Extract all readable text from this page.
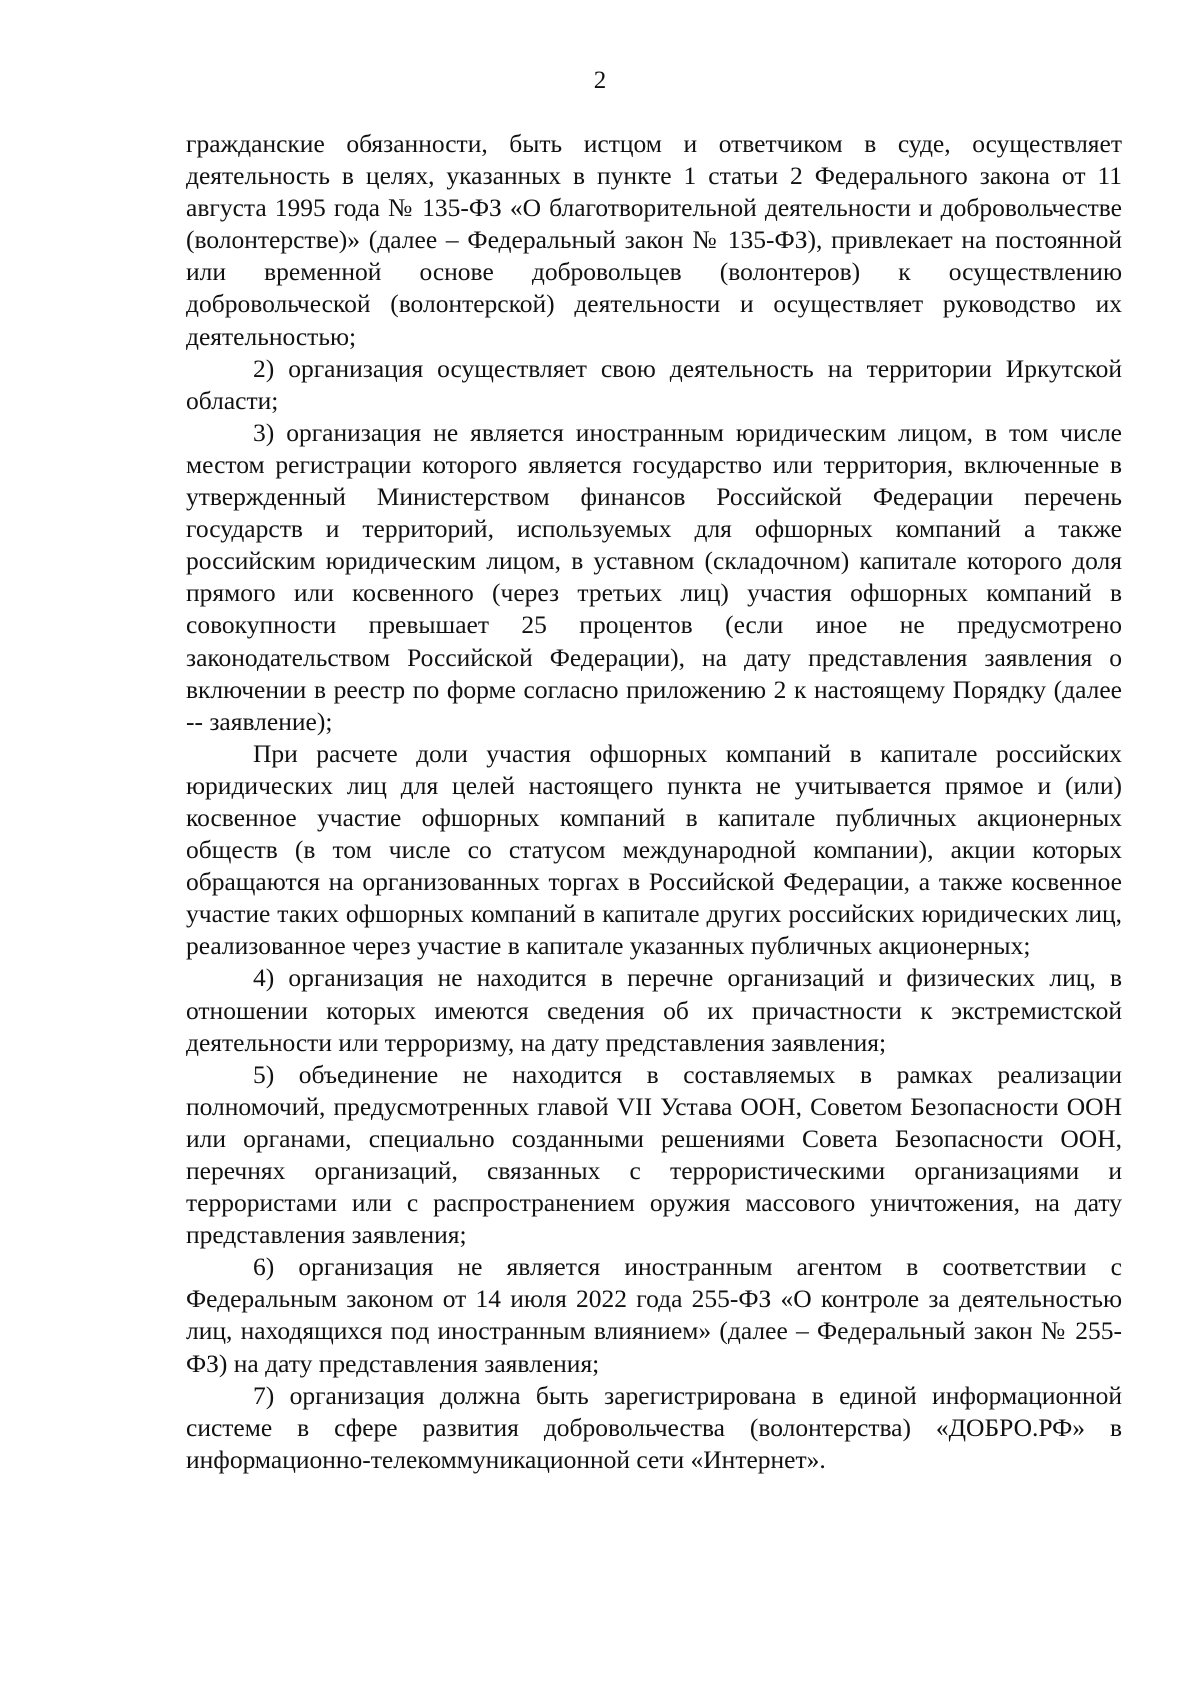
2

гражданские обязанности, быть истцом и ответчиком в суде, осуществляет деятельность в целях, указанных в пункте 1 статьи 2 Федерального закона от 11 августа 1995 года № 135-ФЗ «О благотворительной деятельности и добровольчестве (волонтерстве)» (далее – Федеральный закон № 135-ФЗ), привлекает на постоянной или временной основе добровольцев (волонтеров) к осуществлению добровольческой (волонтерской) деятельности и осуществляет руководство их деятельностью;

2) организация осуществляет свою деятельность на территории Иркутской области;

3) организация не является иностранным юридическим лицом, в том числе местом регистрации которого является государство или территория, включенные в утвержденный Министерством финансов Российской Федерации перечень государств и территорий, используемых для офшорных компаний а также российским юридическим лицом, в уставном (складочном) капитале которого доля прямого или косвенного (через третьих лиц) участия офшорных компаний в совокупности превышает 25 процентов (если иное не предусмотрено законодательством Российской Федерации), на дату представления заявления о включении в реестр по форме согласно приложению 2 к настоящему Порядку (далее -- заявление);

При расчете доли участия офшорных компаний в капитале российских юридических лиц для целей настоящего пункта не учитывается прямое и (или) косвенное участие офшорных компаний в капитале публичных акционерных обществ (в том числе со статусом международной компании), акции которых обращаются на организованных торгах в Российской Федерации, а также косвенное участие таких офшорных компаний в капитале других российских юридических лиц, реализованное через участие в капитале указанных публичных акционерных;

4) организация не находится в перечне организаций и физических лиц, в отношении которых имеются сведения об их причастности к экстремистской деятельности или терроризму, на дату представления заявления;

5) объединение не находится в составляемых в рамках реализации полномочий, предусмотренных главой VII Устава ООН, Советом Безопасности ООН или органами, специально созданными решениями Совета Безопасности ООН, перечнях организаций, связанных с террористическими организациями и террористами или с распространением оружия массового уничтожения, на дату представления заявления;

6) организация не является иностранным агентом в соответствии с Федеральным законом от 14 июля 2022 года 255-ФЗ «О контроле за деятельностью лиц, находящихся под иностранным влиянием» (далее – Федеральный закон № 255-ФЗ) на дату представления заявления;

7) организация должна быть зарегистрирована в единой информационной системе в сфере развития добровольчества (волонтерства) «ДОБРО.РФ» в информационно-телекоммуникационной сети «Интернет».
